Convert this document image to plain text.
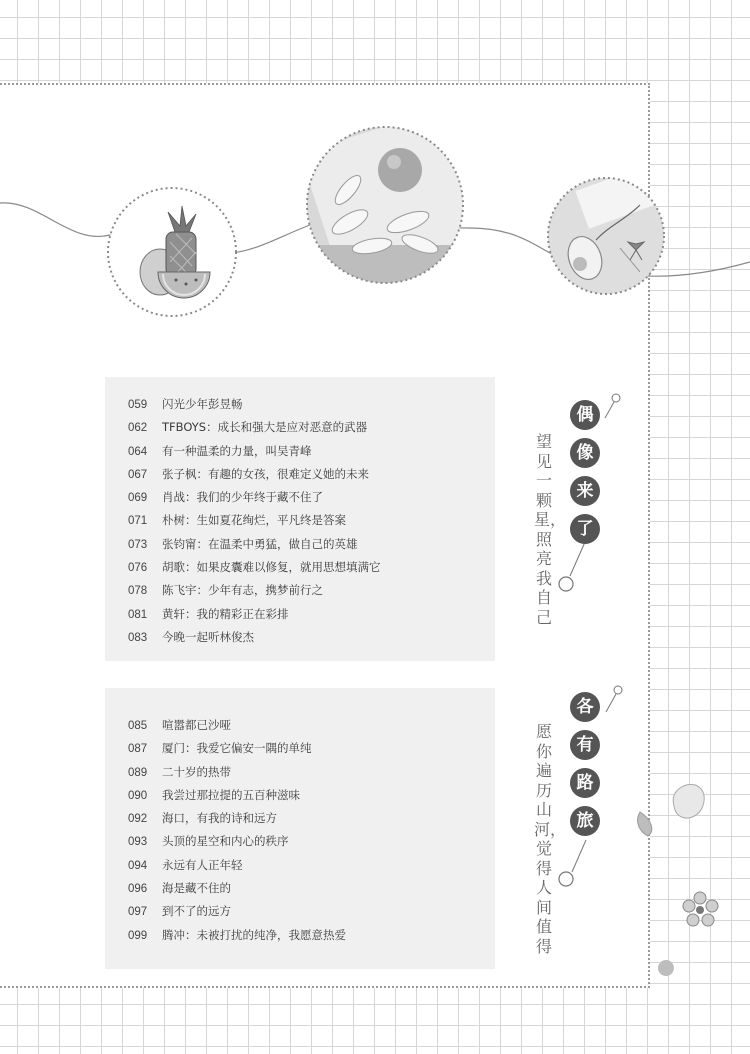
059 闪光少年彭昱畅
062 TFBOYS：成长和强大是应对恶意的武器
064 有一种温柔的力量，叫吴青峰
067 张子枫：有趣的女孩，很难定义她的未来
069 肖战：我们的少年终于藏不住了
071 朴树：生如夏花绚烂，平凡终是答案
073 张钧甯：在温柔中勇猛，做自己的英雄
076 胡歌：如果皮囊难以修复，就用思想填满它
078 陈飞宇：少年有志，携梦前行之
081 黄轩：我的精彩正在彩排
083 今晚一起听林俊杰
085 喧嚣都已沙哑
087 厦门：我爱它偏安一隅的单纯
089 二十岁的热带
090 我尝过那拉提的五百种滋味
092 海口，有我的诗和远方
093 头顶的星空和内心的秩序
094 永远有人正年轻
096 海是藏不住的
097 到不了的远方
099 腾冲：未被打扰的纯净，我愿意热爱
偶
像
来
了
望见一颗星，照亮我自己
各
有
路
旅
愿你遍历山河，觉得人间值得
